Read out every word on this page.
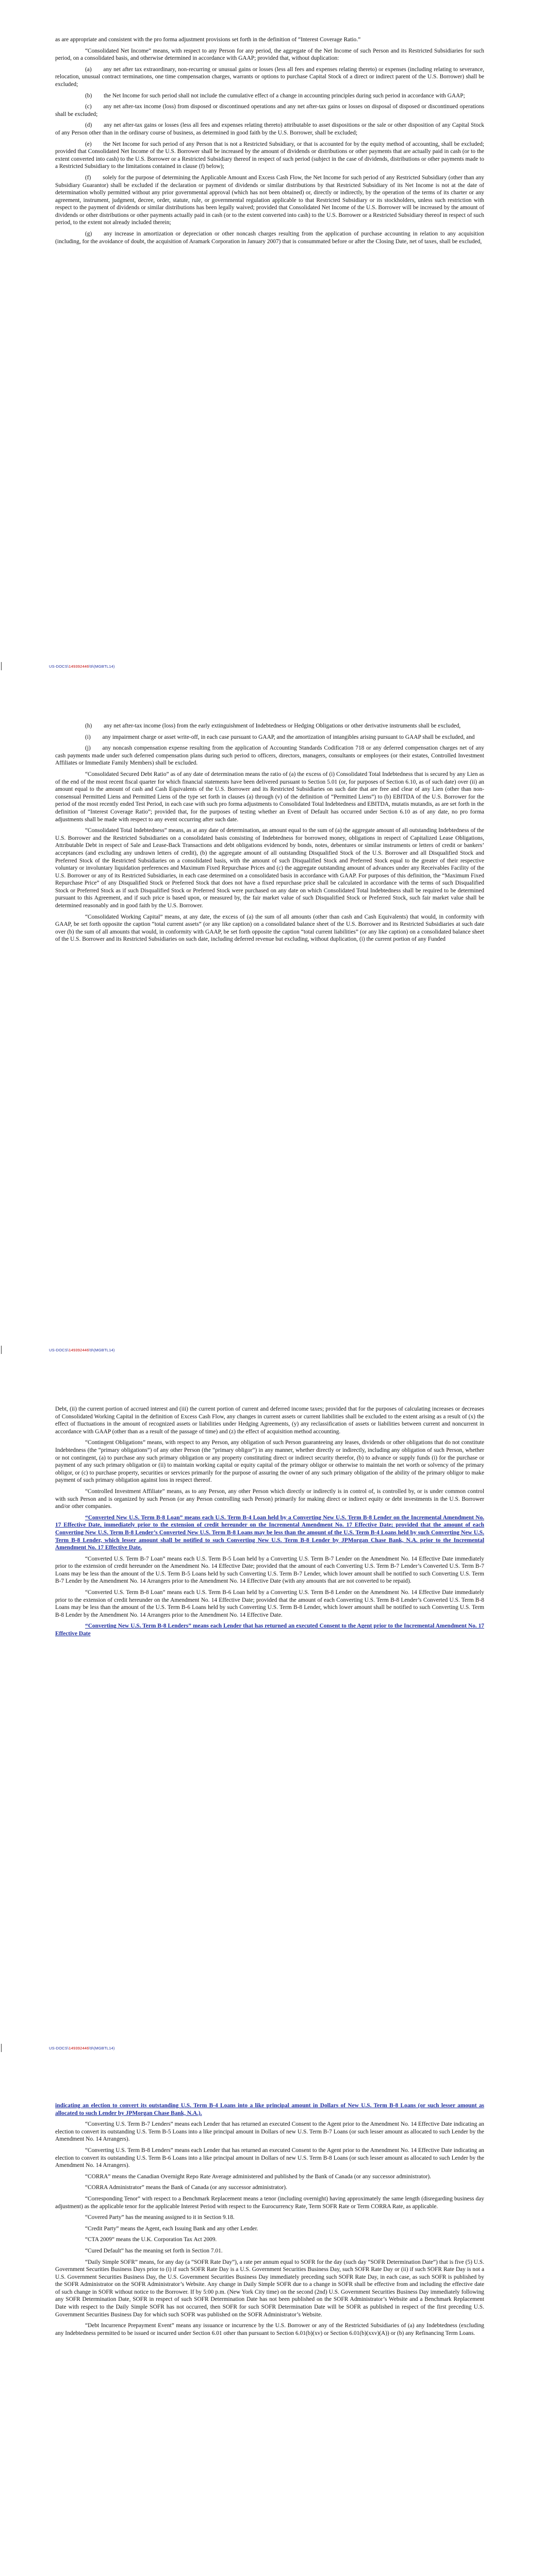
as are appropriate and consistent with the pro forma adjustment provisions set forth in the definition of “Interest Coverage Ratio.”

“Consolidated Net Income” means, with respect to any Person for any period, the aggregate of the Net Income of such Person and its Restricted Subsidiaries for such period, on a consolidated basis, and otherwise determined in accordance with GAAP; provided that, without duplication:

(a)  any net after tax extraordinary, non-recurring or unusual gains or losses (less all fees and expenses relating thereto) or expenses (including relating to severance, relocation, unusual contract terminations, one time compensation charges, warrants or options to purchase Capital Stock of a direct or indirect parent of the U.S. Borrower) shall be excluded;

(b)  the Net Income for such period shall not include the cumulative effect of a change in accounting principles during such period in accordance with GAAP;

(c)  any net after-tax income (loss) from disposed or discontinued operations and any net after-tax gains or losses on disposal of disposed or discontinued operations shall be excluded;

(d)  any net after-tax gains or losses (less all fees and expenses relating thereto) attributable to asset dispositions or the sale or other disposition of any Capital Stock of any Person other than in the ordinary course of business, as determined in good faith by the U.S. Borrower, shall be excluded;

(e)  the Net Income for such period of any Person that is not a Restricted Subsidiary, or that is accounted for by the equity method of accounting, shall be excluded; provided that Consolidated Net Income of the U.S. Borrower shall be increased by the amount of dividends or distributions or other payments that are actually paid in cash (or to the extent converted into cash) to the U.S. Borrower or a Restricted Subsidiary thereof in respect of such period (subject in the case of dividends, distributions or other payments made to a Restricted Subsidiary to the limitations contained in clause (f) below);

(f)  solely for the purpose of determining the Applicable Amount and Excess Cash Flow, the Net Income for such period of any Restricted Subsidiary (other than any Subsidiary Guarantor) shall be excluded if the declaration or payment of dividends or similar distributions by that Restricted Subsidiary of its Net Income is not at the date of determination wholly permitted without any prior governmental approval (which has not been obtained) or, directly or indirectly, by the operation of the terms of its charter or any agreement, instrument, judgment, decree, order, statute, rule, or governmental regulation applicable to that Restricted Subsidiary or its stockholders, unless such restriction with respect to the payment of dividends or similar distributions has been legally waived; provided that Consolidated Net Income of the U.S. Borrower will be increased by the amount of dividends or other distributions or other payments actually paid in cash (or to the extent converted into cash) to the U.S. Borrower or a Restricted Subsidiary thereof in respect of such period, to the extent not already included therein;

(g)  any increase in amortization or depreciation or other noncash charges resulting from the application of purchase accounting in relation to any acquisition (including, for the avoidance of doubt, the acquisition of Aramark Corporation in January 2007) that is consummated before or after the Closing Date, net of taxes, shall be excluded,

US-DOCS\149392446\9\(MGBTL14)

(h)  any net after-tax income (loss) from the early extinguishment of Indebtedness or Hedging Obligations or other derivative instruments shall be excluded,

(i)  any impairment charge or asset write-off, in each case pursuant to GAAP, and the amortization of intangibles arising pursuant to GAAP shall be excluded, and

(j)  any noncash compensation expense resulting from the application of Accounting Standards Codification 718 or any deferred compensation charges net of any cash payments made under such deferred compensation plans during such period to officers, directors, managers, consultants or employees (or their estates, Controlled Investment Affiliates or Immediate Family Members) shall be excluded.

“Consolidated Secured Debt Ratio” as of any date of determination means the ratio of (a) the excess of (i) Consolidated Total Indebtedness that is secured by any Lien as of the end of the most recent fiscal quarter for which financial statements have been delivered pursuant to Section 5.01 (or, for purposes of Section 6.10, as of such date) over (ii) an amount equal to the amount of cash and Cash Equivalents of the U.S. Borrower and its Restricted Subsidiaries on such date that are free and clear of any Lien (other than non-consensual Permitted Liens and Permitted Liens of the type set forth in clauses (a) through (v) of the definition of “Permitted Liens”) to (b) EBITDA of the U.S. Borrower for the period of the most recently ended Test Period, in each case with such pro forma adjustments to Consolidated Total Indebtedness and EBITDA, mutatis mutandis, as are set forth in the definition of “Interest Coverage Ratio”; provided that, for the purposes of testing whether an Event of Default has occurred under Section 6.10 as of any date, no pro forma adjustments shall be made with respect to any event occurring after such date.

“Consolidated Total Indebtedness” means, as at any date of determination, an amount equal to the sum of (a) the aggregate amount of all outstanding Indebtedness of the U.S. Borrower and the Restricted Subsidiaries on a consolidated basis consisting of Indebtedness for borrowed money, obligations in respect of Capitalized Lease Obligations, Attributable Debt in respect of Sale and Lease-Back Transactions and debt obligations evidenced by bonds, notes, debentures or similar instruments or letters of credit or bankers’ acceptances (and excluding any undrawn letters of credit), (b) the aggregate amount of all outstanding Disqualified Stock of the U.S. Borrower and all Disqualified Stock and Preferred Stock of the Restricted Subsidiaries on a consolidated basis, with the amount of such Disqualified Stock and Preferred Stock equal to the greater of their respective voluntary or involuntary liquidation preferences and Maximum Fixed Repurchase Prices and (c) the aggregate outstanding amount of advances under any Receivables Facility of the U.S. Borrower or any of its Restricted Subsidiaries, in each case determined on a consolidated basis in accordance with GAAP. For purposes of this definition, the “Maximum Fixed Repurchase Price” of any Disqualified Stock or Preferred Stock that does not have a fixed repurchase price shall be calculated in accordance with the terms of such Disqualified Stock or Preferred Stock as if such Disqualified Stock or Preferred Stock were purchased on any date on which Consolidated Total Indebtedness shall be required to be determined pursuant to this Agreement, and if such price is based upon, or measured by, the fair market value of such Disqualified Stock or Preferred Stock, such fair market value shall be determined reasonably and in good faith by the U.S. Borrower.

“Consolidated Working Capital” means, at any date, the excess of (a) the sum of all amounts (other than cash and Cash Equivalents) that would, in conformity with GAAP, be set forth opposite the caption “total current assets” (or any like caption) on a consolidated balance sheet of the U.S. Borrower and its Restricted Subsidiaries at such date over (b) the sum of all amounts that would, in conformity with GAAP, be set forth opposite the caption “total current liabilities” (or any like caption) on a consolidated balance sheet of the U.S. Borrower and its Restricted Subsidiaries on such date, including deferred revenue but excluding, without duplication, (i) the current portion of any Funded

US-DOCS\149392446\9\(MGBTL14)

Debt, (ii) the current portion of accrued interest and (iii) the current portion of current and deferred income taxes; provided that for the purposes of calculating increases or decreases of Consolidated Working Capital in the definition of Excess Cash Flow, any changes in current assets or current liabilities shall be excluded to the extent arising as a result of (x) the effect of fluctuations in the amount of recognized assets or liabilities under Hedging Agreements, (y) any reclassification of assets or liabilities between current and noncurrent in accordance with GAAP (other than as a result of the passage of time) and (z) the effect of acquisition method accounting.

“Contingent Obligations” means, with respect to any Person, any obligation of such Person guaranteeing any leases, dividends or other obligations that do not constitute Indebtedness (the “primary obligations”) of any other Person (the “primary obligor”) in any manner, whether directly or indirectly, including any obligation of such Person, whether or not contingent, (a) to purchase any such primary obligation or any property constituting direct or indirect security therefor, (b) to advance or supply funds (i) for the purchase or payment of any such primary obligation or (ii) to maintain working capital or equity capital of the primary obligor or otherwise to maintain the net worth or solvency of the primary obligor, or (c) to purchase property, securities or services primarily for the purpose of assuring the owner of any such primary obligation of the ability of the primary obligor to make payment of such primary obligation against loss in respect thereof.

“Controlled Investment Affiliate” means, as to any Person, any other Person which directly or indirectly is in control of, is controlled by, or is under common control with such Person and is organized by such Person (or any Person controlling such Person) primarily for making direct or indirect equity or debt investments in the U.S. Borrower and/or other companies.

“Converted New U.S. Term B-8 Loan” means each U.S. Term B-4 Loan held by a Converting New U.S. Term B-8 Lender on the Incremental Amendment No. 17 Effective Date, immediately prior to the extension of credit hereunder on the Incremental Amendment No. 17 Effective Date; provided that the amount of each Converting New U.S. Term B-8 Lender’s Converted New U.S. Term B-8 Loans may be less than the amount of the U.S. Term B-4 Loans held by such Converting New U.S. Term B-8 Lender, which lesser amount shall be notified to such Converting New U.S. Term B-8 Lender by JPMorgan Chase Bank, N.A. prior to the Incremental Amendment No. 17 Effective Date.

“Converted U.S. Term B-7 Loan” means each U.S. Term B-5 Loan held by a Converting U.S. Term B-7 Lender on the Amendment No. 14 Effective Date immediately prior to the extension of credit hereunder on the Amendment No. 14 Effective Date; provided that the amount of each Converting U.S. Term B-7 Lender’s Converted U.S. Term B-7 Loans may be less than the amount of the U.S. Term B-5 Loans held by such Converting U.S. Term B-7 Lender, which lower amount shall be notified to such Converting U.S. Term B-7 Lender by the Amendment No. 14 Arrangers prior to the Amendment No. 14 Effective Date (with any amounts that are not converted to be repaid).

“Converted U.S. Term B-8 Loan” means each U.S. Term B-6 Loan held by a Converting U.S. Term B-8 Lender on the Amendment No. 14 Effective Date immediately prior to the extension of credit hereunder on the Amendment No. 14 Effective Date; provided that the amount of each Converting U.S. Term B-8 Lender’s Converted U.S. Term B-8 Loans may be less than the amount of the U.S. Term B-6 Loans held by such Converting U.S. Term B-8 Lender, which lower amount shall be notified to such Converting U.S. Term B-8 Lender by the Amendment No. 14 Arrangers prior to the Amendment No. 14 Effective Date.

“Converting New U.S. Term B-8 Lenders” means each Lender that has returned an executed Consent to the Agent prior to the Incremental Amendment No. 17 Effective Date

US-DOCS\149392446\9\(MGBTL14)

indicating an election to convert its outstanding U.S. Term B-4 Loans into a like principal amount in Dollars of New U.S. Term B-8 Loans (or such lesser amount as allocated to such Lender by JPMorgan Chase Bank, N.A.).

“Converting U.S. Term B-7 Lenders” means each Lender that has returned an executed Consent to the Agent prior to the Amendment No. 14 Effective Date indicating an election to convert its outstanding U.S. Term B-5 Loans into a like principal amount in Dollars of new U.S. Term B-7 Loans (or such lesser amount as allocated to such Lender by the Amendment No. 14 Arrangers).

“Converting U.S. Term B-8 Lenders” means each Lender that has returned an executed Consent to the Agent prior to the Amendment No. 14 Effective Date indicating an election to convert its outstanding U.S. Term B-6 Loans into a like principal amount in Dollars of new U.S. Term B-8 Loans (or such lesser amount as allocated to such Lender by the Amendment No. 14 Arrangers).

“CORRA” means the Canadian Overnight Repo Rate Average administered and published by the Bank of Canada (or any successor administrator).

“CORRA Administrator” means the Bank of Canada (or any successor administrator).

“Corresponding Tenor” with respect to a Benchmark Replacement means a tenor (including overnight) having approximately the same length (disregarding business day adjustment) as the applicable tenor for the applicable Interest Period with respect to the Eurocurrency Rate, Term SOFR Rate or Term CORRA Rate, as applicable.

“Covered Party” has the meaning assigned to it in Section 9.18.

“Credit Party” means the Agent, each Issuing Bank and any other Lender.

“CTA 2009” means the U.K. Corporation Tax Act 2009.

“Cured Default” has the meaning set forth in Section 7.01.

“Daily Simple SOFR” means, for any day (a “SOFR Rate Day”), a rate per annum equal to SOFR for the day (such day “SOFR Determination Date”) that is five (5) U.S. Government Securities Business Days prior to (i) if such SOFR Rate Day is a U.S. Government Securities Business Day, such SOFR Rate Day or (ii) if such SOFR Rate Day is not a U.S. Government Securities Business Day, the U.S. Government Securities Business Day immediately preceding such SOFR Rate Day, in each case, as such SOFR is published by the SOFR Administrator on the SOFR Administrator’s Website. Any change in Daily Simple SOFR due to a change in SOFR shall be effective from and including the effective date of such change in SOFR without notice to the Borrower. If by 5:00 p.m. (New York City time) on the second (2nd) U.S. Government Securities Business Day immediately following any SOFR Determination Date, SOFR in respect of such SOFR Determination Date has not been published on the SOFR Administrator’s Website and a Benchmark Replacement Date with respect to the Daily Simple SOFR has not occurred, then SOFR for such SOFR Determination Date will be SOFR as published in respect of the first preceding U.S. Government Securities Business Day for which such SOFR was published on the SOFR Administrator’s Website.

“Debt Incurrence Prepayment Event” means any issuance or incurrence by the U.S. Borrower or any of the Restricted Subsidiaries of (a) any Indebtedness (excluding any Indebtedness permitted to be issued or incurred under Section 6.01 other than pursuant to Section 6.01(b)(xv) or Section 6.01(b)(xxv)(A)) or (b) any Refinancing Term Loans.
